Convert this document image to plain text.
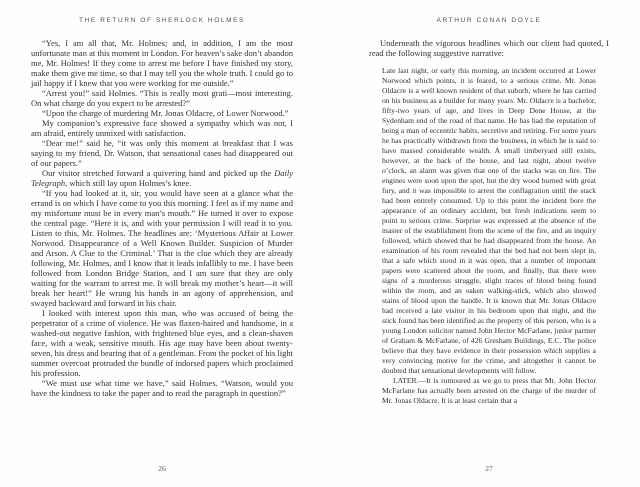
THE RETURN OF SHERLOCK HOLMES

“Yes, I am all that, Mr. Holmes; and, in addition, I am the most unfortunate man at this moment in London. For heaven’s sake don’t abandon me, Mr. Holmes! If they come to arrest me before I have finished my story, make them give me time, so that I may tell you the whole truth. I could go to jail happy if I knew that you were working for me outside.”

“Arrest you!” said Holmes. “This is really most grati—most interesting. On what charge do you expect to be arrested?”

“Upon the charge of murdering Mr. Jonas Oldacre, of Lower Norwood.”

My companion’s expressive face showed a sympathy which was not, I am afraid, entirely unmixed with satisfaction.

“Dear me!” said he, “it was only this moment at breakfast that I was saying to my friend, Dr. Watson, that sensational cases had disappeared out of our papers.”

Our visitor stretched forward a quivering hand and picked up the Daily Telegraph, which still lay upon Holmes’s knee.

“If you had looked at it, sir, you would have seen at a glance what the errand is on which I have come to you this morning. I feel as if my name and my misfortune must be in every man’s mouth.” He turned it over to expose the central page. “Here it is, and with your permission I will read it to you. Listen to this, Mr. Holmes. The headlines are: ‘Mysterious Affair at Lower Norwood. Disappearance of a Well Known Builder. Suspicion of Murder and Arson. A Clue to the Criminal.’ That is the clue which they are already following, Mr. Holmes, and I know that it leads infallibly to me. I have been followed from London Bridge Station, and I am sure that they are only waiting for the warrant to arrest me. It will break my mother’s heart—it will break her heart!” He wrung his hands in an agony of apprehension, and swayed backward and forward in his chair.

I looked with interest upon this man, who was accused of being the perpetrator of a crime of violence. He was flaxen-haired and handsome, in a washed-out negative fashion, with frightened blue eyes, and a clean-shaven face, with a weak, sensitive mouth. His age may have been about twenty-seven, his dress and bearing that of a gentleman. From the pocket of his light summer overcoat protruded the bundle of indorsed papers which proclaimed his profession.

“We must use what time we have,” said Holmes. “Watson, would you have the kindness to take the paper and to read the paragraph in question?”

26
ARTHUR CONAN DOYLE

Underneath the vigorous headlines which our client had quoted, I read the following suggestive narrative:

Late last night, or early this morning, an incident occurred at Lower Norwood which points, it is feared, to a serious crime. Mr. Jonas Oldacre is a well known resident of that suburb, where he has carried on his business as a builder for many years. Mr. Oldacre is a bachelor, fifty-two years of age, and lives in Deep Dene House, at the Sydenham end of the road of that name. He has had the reputation of being a man of eccentric habits, secretive and retiring. For some years he has practically withdrawn from the business, in which he is said to have massed considerable wealth. A small timberyard still exists, however, at the back of the house, and last night, about twelve o’clock, an alarm was given that one of the stacks was on fire. The engines were soon upon the spot, but the dry wood burned with great fury, and it was impossible to arrest the conflagration until the stack had been entirely consumed. Up to this point the incident bore the appearance of an ordinary accident, but fresh indications seem to point to serious crime. Surprise was expressed at the absence of the master of the establishment from the scene of the fire, and an inquiry followed, which showed that he had disappeared from the house. An examination of his room revealed that the bed had not been slept in, that a safe which stood in it was open, that a number of important papers were scattered about the room, and finally, that there were signs of a murderous struggle, slight traces of blood being found within the room, and an oaken walking-stick, which also showed stains of blood upon the handle. It is known that Mr. Jonas Oldacre had received a late visitor in his bedroom upon that night, and the stick found has been identified as the property of this person, who is a young London solicitor named John Hector McFarlane, junior partner of Graham & McFarlane, of 426 Gresham Buildings, E.C. The police believe that they have evidence in their possession which supplies a very convincing motive for the crime, and altogether it cannot be doubted that sensational developments will follow.

LATER.—It is rumoured as we go to press that Mr. John Hector McFarlane has actually been arrested on the charge of the murder of Mr. Jonas Oldacre. It is at least certain that a

27
